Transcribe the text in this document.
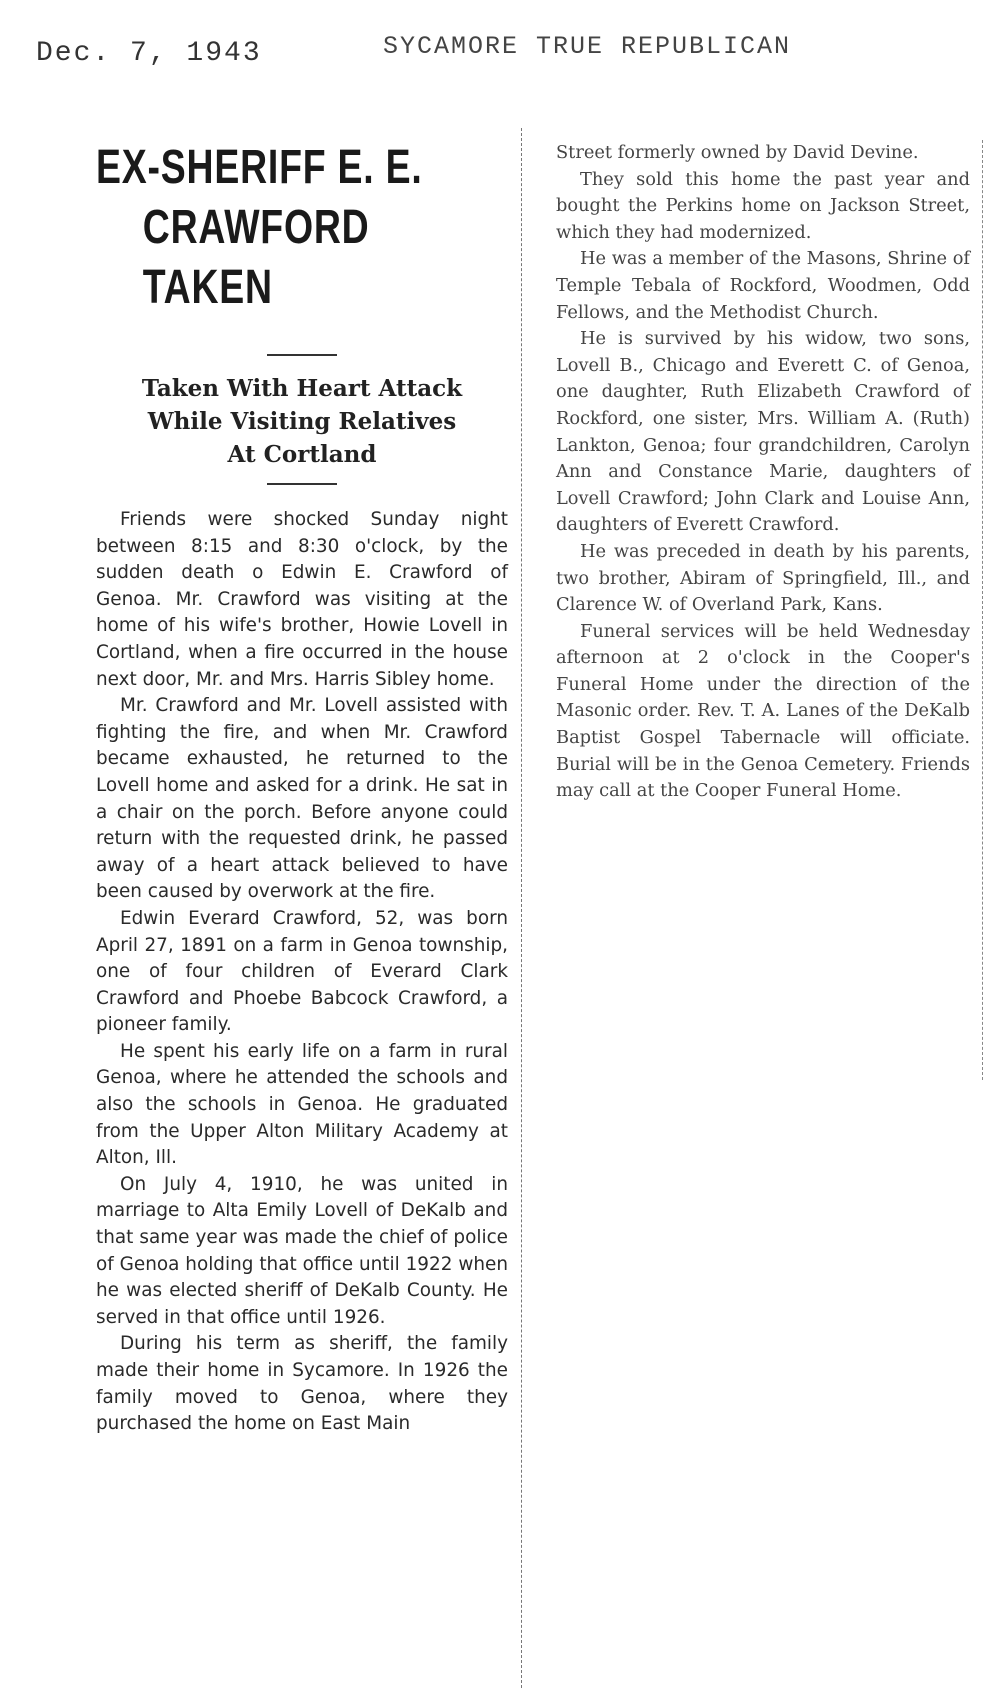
Dec. 7, 1943	SYCAMORE TRUE REPUBLICAN
EX-SHERIFF E. E.
CRAWFORD TAKEN
Taken With Heart Attack
While Visiting Relatives
At Cortland

Friends were shocked Sunday night between 8:15 and 8:30 o'clock, by the sudden death o Edwin E. Crawford of Genoa. Mr. Crawford was visiting at the home of his wife's brother, Howie Lovell in Cortland, when a fire occurred in the house next door, Mr. and Mrs. Harris Sibley home.

Mr. Crawford and Mr. Lovell assisted with fighting the fire, and when Mr. Crawford became exhausted, he returned to the Lovell home and asked for a drink. He sat in a chair on the porch. Before anyone could return with the requested drink, he passed away of a heart attack believed to have been caused by overwork at the fire.

Edwin Everard Crawford, 52, was born April 27, 1891 on a farm in Genoa township, one of four children of Everard Clark Crawford and Phoebe Babcock Crawford, a pioneer family.

He spent his early life on a farm in rural Genoa, where he attended the schools and also the schools in Genoa. He graduated from the Upper Alton Military Academy at Alton, Ill.

On July 4, 1910, he was united in marriage to Alta Emily Lovell of DeKalb and that same year was made the chief of police of Genoa holding that office until 1922 when he was elected sheriff of DeKalb County. He served in that office until 1926.

During his term as sheriff, the family made their home in Sycamore. In 1926 the family moved to Genoa, where they purchased the home on East Main

Street formerly owned by David Devine.

They sold this home the past year and bought the Perkins home on Jackson Street, which they had modernized.

He was a member of the Masons, Shrine of Temple Tebala of Rockford, Woodmen, Odd Fellows, and the Methodist Church.

He is survived by his widow, two sons, Lovell B., Chicago and Everett C. of Genoa, one daughter, Ruth Elizabeth Crawford of Rockford, one sister, Mrs. William A. (Ruth) Lankton, Genoa; four grandchildren, Carolyn Ann and Constance Marie, daughters of Lovell Crawford; John Clark and Louise Ann, daughters of Everett Crawford.

He was preceded in death by his parents, two brother, Abiram of Springfield, Ill., and Clarence W. of Overland Park, Kans.

Funeral services will be held Wednesday afternoon at 2 o'clock in the Cooper's Funeral Home under the direction of the Masonic order. Rev. T. A. Lanes of the DeKalb Baptist Gospel Tabernacle will officiate. Burial will be in the Genoa Cemetery. Friends may call at the Cooper Funeral Home.
